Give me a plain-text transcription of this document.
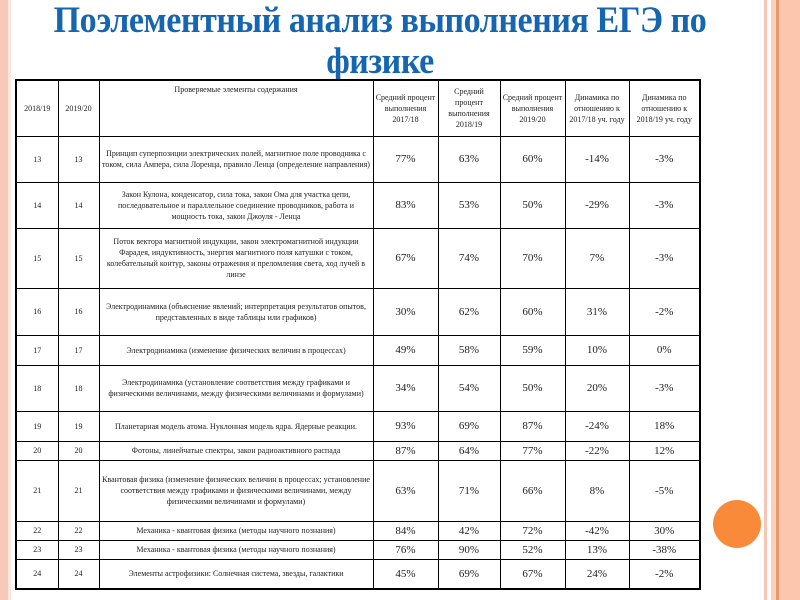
Поэлементный анализ выполнения ЕГЭ по физике
2018/19	2019/20	Проверяемые элементы содержания	Средний процент выполнения 2017/18	Средний процент выполнения 2018/19	Средний процент выполнения 2019/20	Динамика по отношению к 2017/18 уч. году	Динамика по отношению к 2018/19 уч. году
13	13	Принцип суперпозиции электрических полей, магнитное поле проводника с током, сила Ампера, сила Лоренца, правило Ленца (определение направления)	77%	63%	60%	-14%	-3%
14	14	Закон Кулона, конденсатор, сила тока, закон Ома для участка цепи, последовательное и параллельное соединение проводников, работа и мощность тока, закон Джоуля - Ленца	83%	53%	50%	-29%	-3%
15	15	Поток вектора магнитной индукции, закон электромагнитной индукции Фарадея, индуктивность, энергия магнитного поля катушки с током, колебательный контур, законы отражения и преломления света, ход лучей в линзе	67%	74%	70%	7%	-3%
16	16	Электродинамика (объяснение явлений; интерпретация результатов опытов, представленных в виде таблицы или графиков)	30%	62%	60%	31%	-2%
17	17	Электродинамика (изменение физических величин в процессах)	49%	58%	59%	10%	0%
18	18	Электродинамика (установление соответствия между графиками и физическими величинами, между физическими величинами и формулами)	34%	54%	50%	20%	-3%
19	19	Планетарная модель атома. Нуклонная модель ядра. Ядерные реакции.	93%	69%	87%	-24%	18%
20	20	Фотоны, линейчатые спектры, закон радиоактивного распада	87%	64%	77%	-22%	12%
21	21	Квантовая физика (изменение физических величин в процессах; установление соответствия между графиками и физическими величинами, между физическими величинами и формулами)	63%	71%	66%	8%	-5%
22	22	Механика - квантовая физика (методы научного познания)	84%	42%	72%	-42%	30%
23	23	Механика - квантовая физика (методы научного познания)	76%	90%	52%	13%	-38%
24	24	Элементы астрофизики: Солнечная система, звезды, галактики	45%	69%	67%	24%	-2%
